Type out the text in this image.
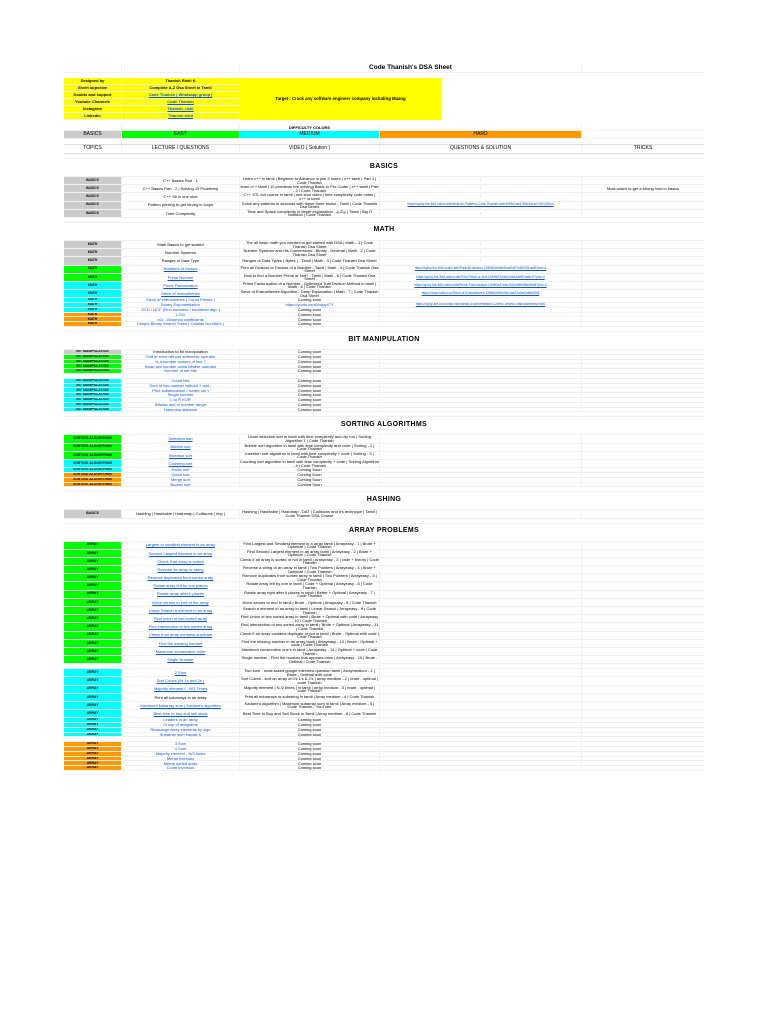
Code Thanish's DSA Sheet
Designed by	Thanish Rishi K
Sheet objective	Complete A-Z Dsa Sheet in Tamil
Doubts and support	Code Thanish | Whatsapp group |
Youtube Channels	Code Thanish
Instagram	Thanish_rishi
Linkedin	Thanish rishi
Target : Crack any software engineer company including Maang
DIFFICULTY COLORS
BASICS	EASY	MEDIUM	HARD
TOPICS	LECTURE / QUESTIONS	VIDEO ( Solution )	QUESTIONS & SOLUTION	TRICKS
BASICS
BASICS	C++ Basics Part - 1	Learn c++ in tamil | Beginner to Advance in just 3 hours | c++ tamil | Part 1 | Code Thanish	-
BASICS	C++ Basics Part - 2 | Solving 10 Problems|	learn c++ tamil | 10 problems live solving| Basic to Pro Coder | c++ tamil | Part - 2 | Code Thanish	-	Must watch to get a strong hold in basics
BASICS	C++ Stl in one shot	C++ STL full course in tamil | one shot video | time complexity code notes | c++ in tamil	-
BASICS	Pattern printing to get strong in loops	Solve any patterns in seconds with these three tricks! - Tamil | Code Thanish Dsa Series	https://spicy-fire-846.notion.site/Must-do-Patterns-Code-Thanish-4efe4993d1ae4780b34c1e7d2f1232c4
BASICS	Time Complexity	Time and Space complexity in depth explanation - தமிழ் | Tamil | Big O Notation | Code Thanish	-
MATH
MATH	Math Basics to get started	The all basic math you needed to get started with DSA | Math - 1 | Code Thanish Dsa Sheet	-
MATH	Number Systems	Number Systems and His Conversions - Binary , Decimal | Math - 2 | Code Thanish Dsa Sheet	-
MATH	Ranges of Data Type	Ranges of Data Types ( Bytes ) - Tamil | Math - 3 | Code Thanish Dsa Sheet	-
MATH	Numbers of factors	Print all Divisors or Factors of a Number - Tamil | Math - 4 | Code Thanish Dsa Sheet	https://spicy-fire-846.notion.site/Print-All-divisors-1289f4f1b9e640ca9d1f7b8b70f1ad8f?pvs=4
MATH	Prime Number	How to find a Number Prime or Not? - Tamil | Math - 6 | Code Thanish Dsa Sheet	https://spicy-fire-846.notion.site/Find-Prime-or-Not-1299f672d4e04c5dd4ef51ba6c7f?pvs=4
MATH	Prime Factorization	Prime Factorization of a Number - Optimized Trial Division Method in tamil | Math - 6 | Code Thanish	https://spicy-fire-846.notion.site/Prime-Factorization-12b9f0c47e6c402c9d9fe5bbd9e6f?pvs=4
MATH	Sieve of eratosthenes	Sieve of Eratosthenes Algorithm - Deep Explanation | Math - 7 | Code Thanish Dsa Sheet	https://www.notion.so/Sieve-of-Eratosthenes-139f6d30e9e64c1ae92a2ad4d6d9f0f3
MATH	Sieve of eratosthenes ( Count Primes )	Coming soon
MATH	Binary Exponentiation	https://youtu.be/r0cwgy47Y	https://spicy-fire-846.notion.site/Binary-Exponentiation-129f9b72e6e647dab4d6d9ee4c9f3f0
MATH	GCD / HCF (Find numbers / euclidean algo )	Coming soon
MATH	LCM	Coming soon
MATH	nCr - Binomial coefficients	Coming soon
MATH	Unique Binary Search Trees ( Catalan Numbers )	Coming soon
BIT MANIPULATION
BIT MANIPULATION	Introduction to bit manipulation	Coming soon
BIT MANIPULATION	Odd or even without arithmetic operator	Coming soon
BIT MANIPULATION	Is a number powers of two ?	Coming soon
BIT MANIPULATION	Swap two number using bitwise operator	Coming soon
BIT MANIPULATION	Number of set bits	Coming soon
BIT MANIPULATION	Count bits	Coming soon
BIT MANIPULATION	Sum of two number without + and -	Coming soon
BIT MANIPULATION	Print subsequence ( power set )	Coming soon
BIT MANIPULATION	Single number	Coming soon
BIT MANIPULATION	L to R XOR	Coming soon
BIT MANIPULATION	Bitwise and of number range	Coming soon
BIT MANIPULATION	Hamming distance	Coming soon
SORTING ALGORITHMS
SORTING ALGORITHMS	Selection sort	Learn selection sort in tamil with time complexity and dry run | Sorting Algorithm 1 | Code Thanish
SORTING ALGORITHMS	Bubble sort	Bubble sort algorithm in tamil with time complexity and code | Sorting - 2 | Code Thanish
SORTING ALGORITHMS	Insertion sort	Insertion sort algorithm in tamil with time complexity + code | Sorting - 3 | Code Thanish
SORTING ALGORITHMS	Counting sort	Counting sort algorithm in tamil with time complexity + code | Sorting Algorithm - 4 | Code Thanish
SORTING ALGORITHMS	Radix sort	Coming Soon
SORTING ALGORITHMS	Quick sort	Coming Soon
SORTING ALGORITHMS	Merge sort	Coming Soon
SORTING ALGORITHMS	Bucket sort	Coming Soon
HASHING
BASICS	Hashing | Hashtable | Hashmap | Collisions | Imp |	Hashing | Hashtable | Hashmap - DAT | Collisions and it's technique | Tamil | Code Thanish DSA Course
ARRAY PROBLEMS
ARRAY	Largest or smallest element in an array	Find Largest and Smallest element in a array tamil | Arrayeasy - 1 | Brute + Optimize | Code Thanish
ARRAY	Second Largest element in an array	Find Second Largest element in an array tamil | Arrayeasy - 2 | Brute + Optimize | Code Thanish
ARRAY	Check if an array is sorted	Check if an array is sorted or not in tamil | Arrayeasy - 3 | code + theory | Code Thanish
ARRAY	Reverse an array or string	Reverse a string or an array in tamil | Two Pointers | Arrayeasy - 4 | Brute + Optimize | Code Thanish
ARRAY	Remove duplicates from sorted array	Remove duplicates from sorted array in tamil | Two Pointers | Arrayeasy - 5 | Code Thanish
ARRAY	Rotate array left by one places	Rotate array left by one in tamil | Code + Optimal | Arrayeasy - 6 | Code Thanish
ARRAY	Rotate array after k places	Rotate array right after k places in tamil | Better + Optimal | Arrayeasy - 7 | Code Thanish
ARRAY	Move zeroes to end of the array	Move zeroes to end in tamil | Brute - Optimal | Arrayeasy - 8 | Code Thanish
ARRAY	Linear Search a element in an array	Search a element in an array in tamil | Linear Search | Arrayeasy - 9 | Code Thanish
ARRAY	Find union of two sorted array	Find Union of two sorted array in tamil | Brute + Optimal with code | Arrayeasy - 10 | Code Thanish
ARRAY	Find intersection of two sorted array	Find Intersection of two sorted array in tamil | Brute + Optimal | Arrayeasy - 11 | Code Thanish
ARRAY	Check if an array contains duplicate	Check if an array contains duplicate or not in tamil | Brute - Optimal with code | Code Thanish
ARRAY	Find the missing number	Find the missing number in an array tamil | Arrayeasy - 13 | Brute - Optimal + code | Code Thanish
ARRAY	Maximum consecutive ones	Maximum consecutive one's in tamil | Arrayeasy - 14 | Optimal + code | Code Thanish
ARRAY	Single Number	Single number - Find the number that appears once | Arrayeasy - 15 | Brute - Optimal | Code Thanish
ARRAY	2 Sum	Two sum - most asked google interview question tamil | Arraymedium - 1 | Brute - Optimal with code
ARRAY	Sort Colors (0s 1s and 2s )	Sort Colors - sort an array of 0's 1's & 2's | array medium - 2 | brute - optimal | code Thanish
ARRAY	Majority element I - N/2 Times	Majority element | N /2 times | in tamil | array medium - 3 | brute - optimal | code Thanish
ARRAY	Print all subarrays in an array	Print all subarrays or substring in tamil | Array medium - 4 | Code Thanish
ARRAY	Maximum subarray sum ( Kadane's algorithm	Kadane's algorithm | Maximum subarray sum in tamil | Array medium - 5 | Code Thanish - YouTube
ARRAY	Best time to buy and sell stock	Best Time to Buy and Sell Stock in Tamil | Array medium - 6 | Code Thanish
ARRAY	Leaders in an array	Coming soon
ARRAY	Group of anagrams	Coming soon
ARRAY	Rearrange array elements by sign	Coming soon
ARRAY	Subarray sum equals K	Coming soon
ARRAY	3 Sum	Coming soon
ARRAY	4 Sum	Coming soon
ARRAY	Majority element - N/3 times	Coming soon
ARRAY	Merge intervals	Coming soon
ARRAY	Merge sorted array	Coming soon
ARRAY	Count inversion	Coming soon
